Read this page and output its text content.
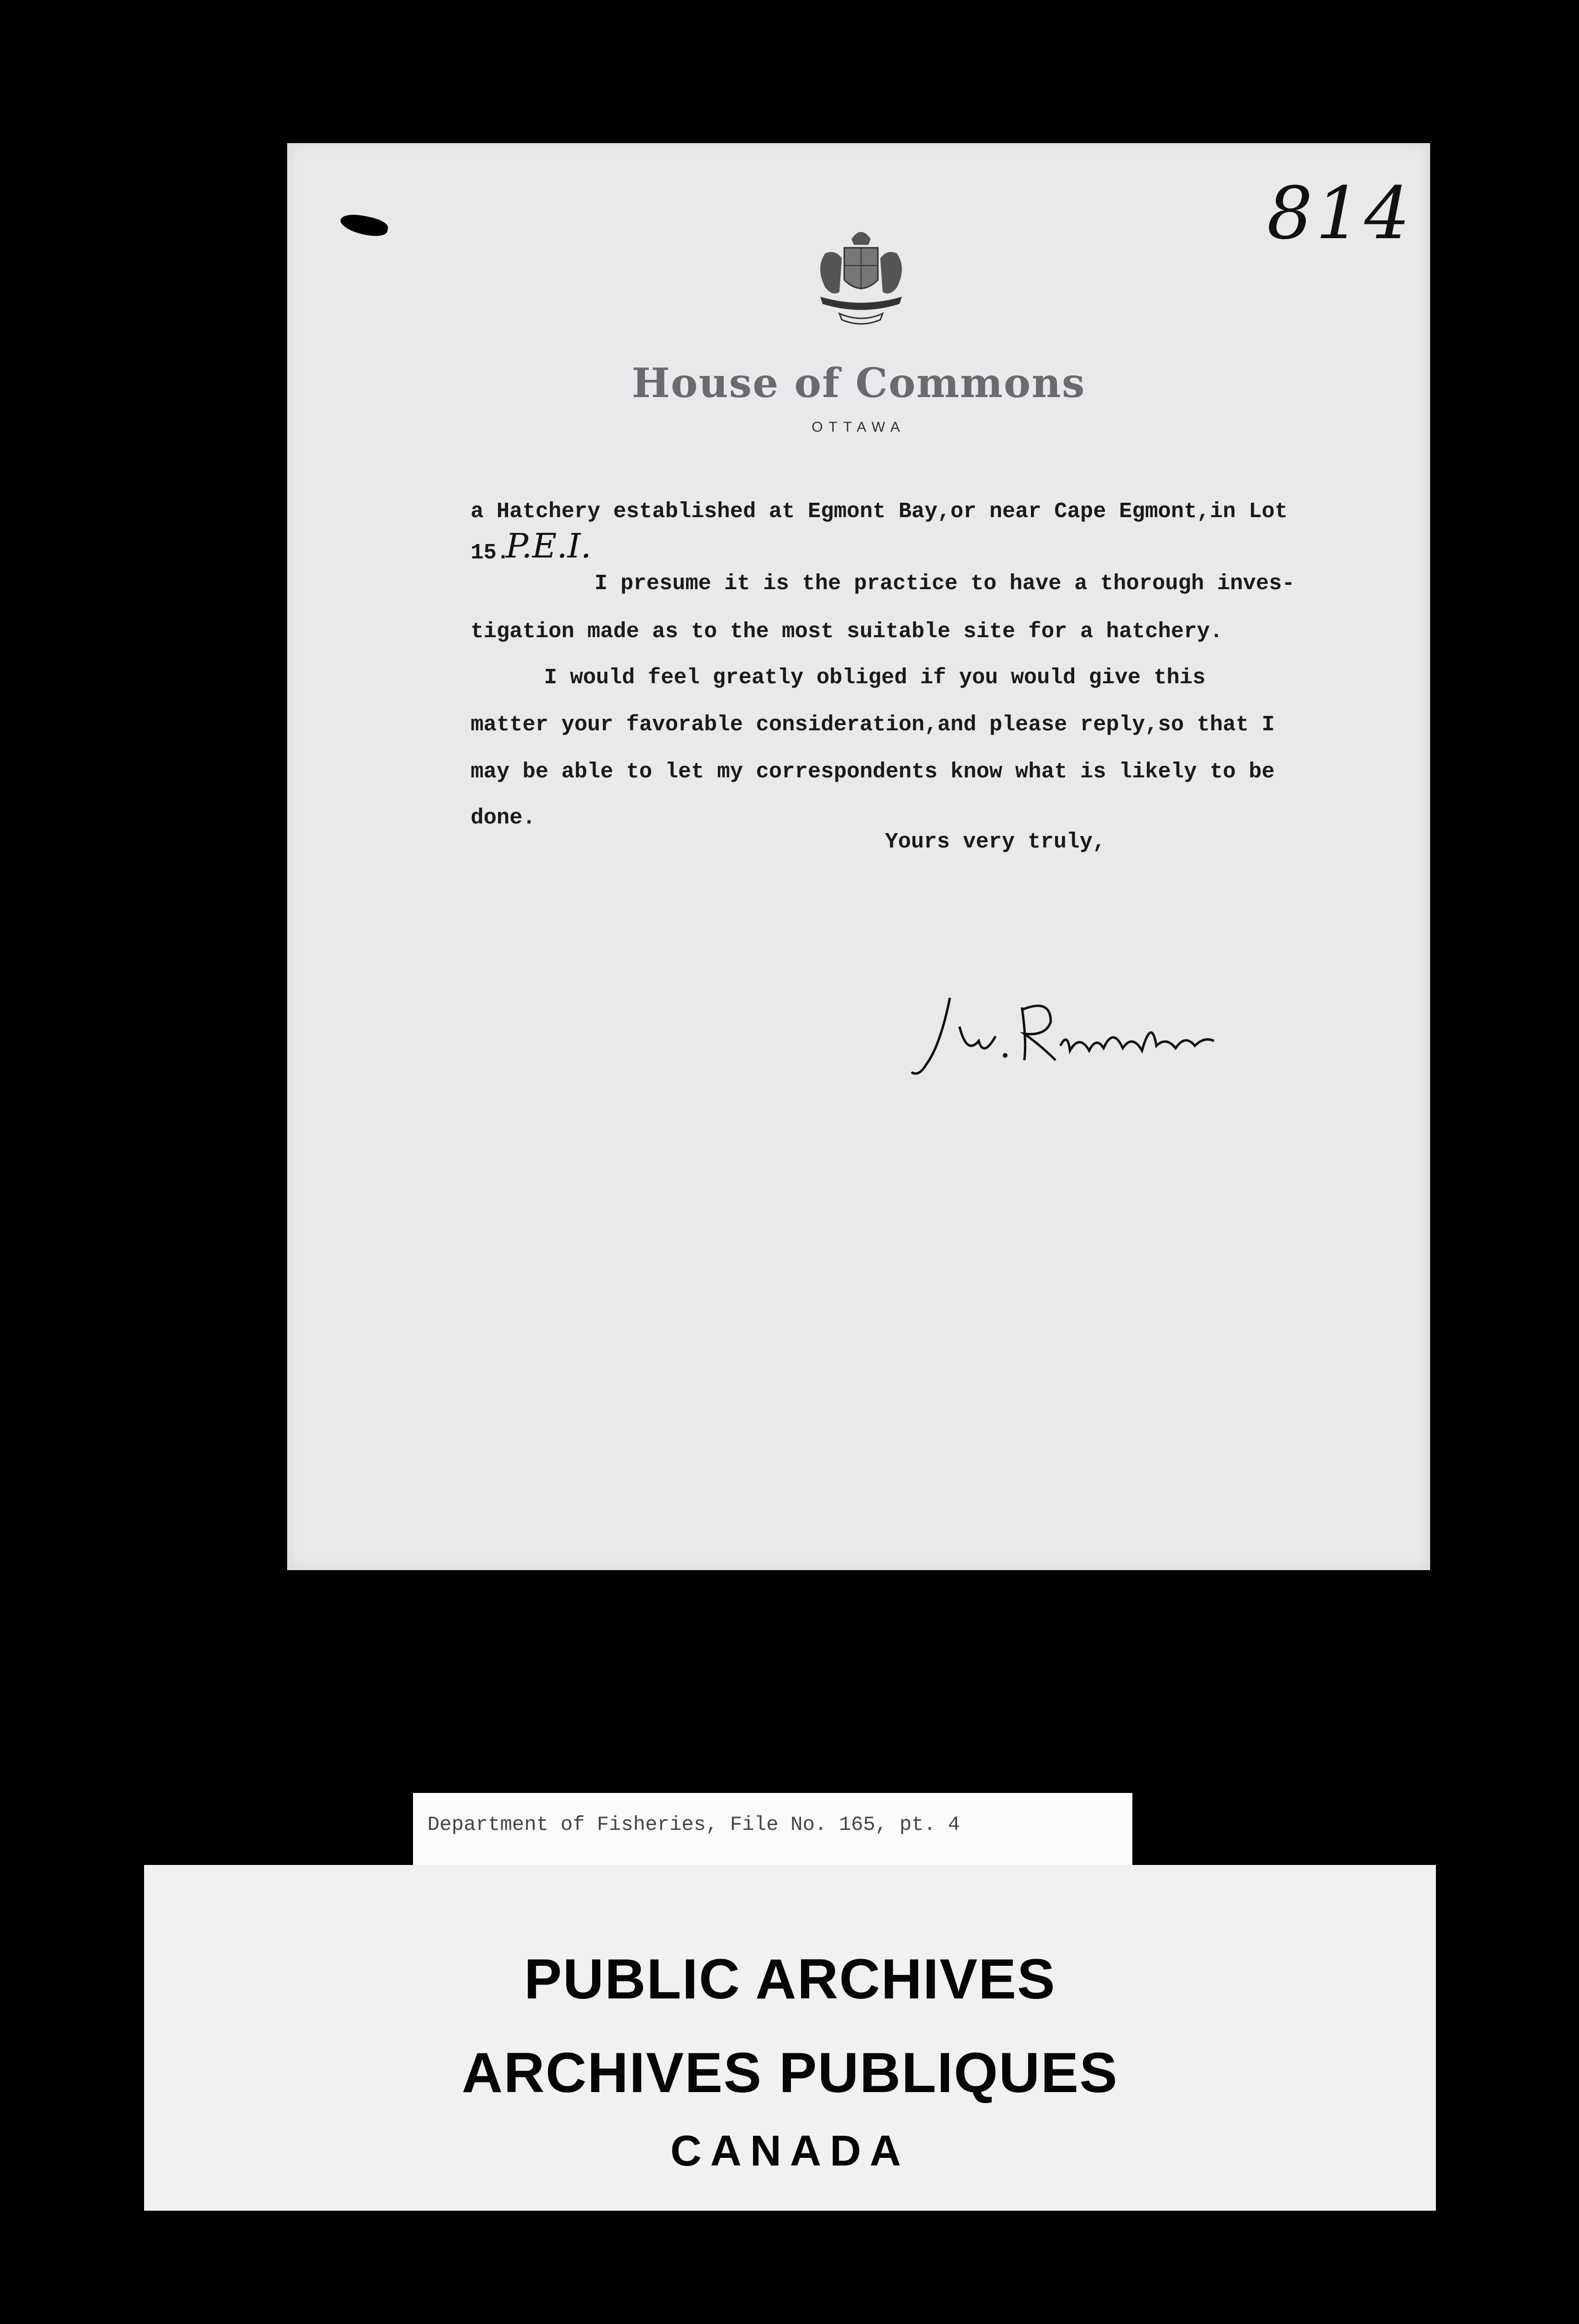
814
House of Commons
OTTAWA
a Hatchery established at Egmont Bay,or near Cape Egmont,in Lot
15.
P.E.I.
I presume it is the practice to have a thorough inves-
tigation made as to the most suitable site for a hatchery.
I would feel greatly obliged if you would give this
matter your favorable consideration,and please reply,so that I
may be able to let my correspondents know what is likely to be
done.
Yours very truly,
Department of Fisheries, File No. 165, pt. 4
PUBLIC ARCHIVES
ARCHIVES PUBLIQUES
CANADA
